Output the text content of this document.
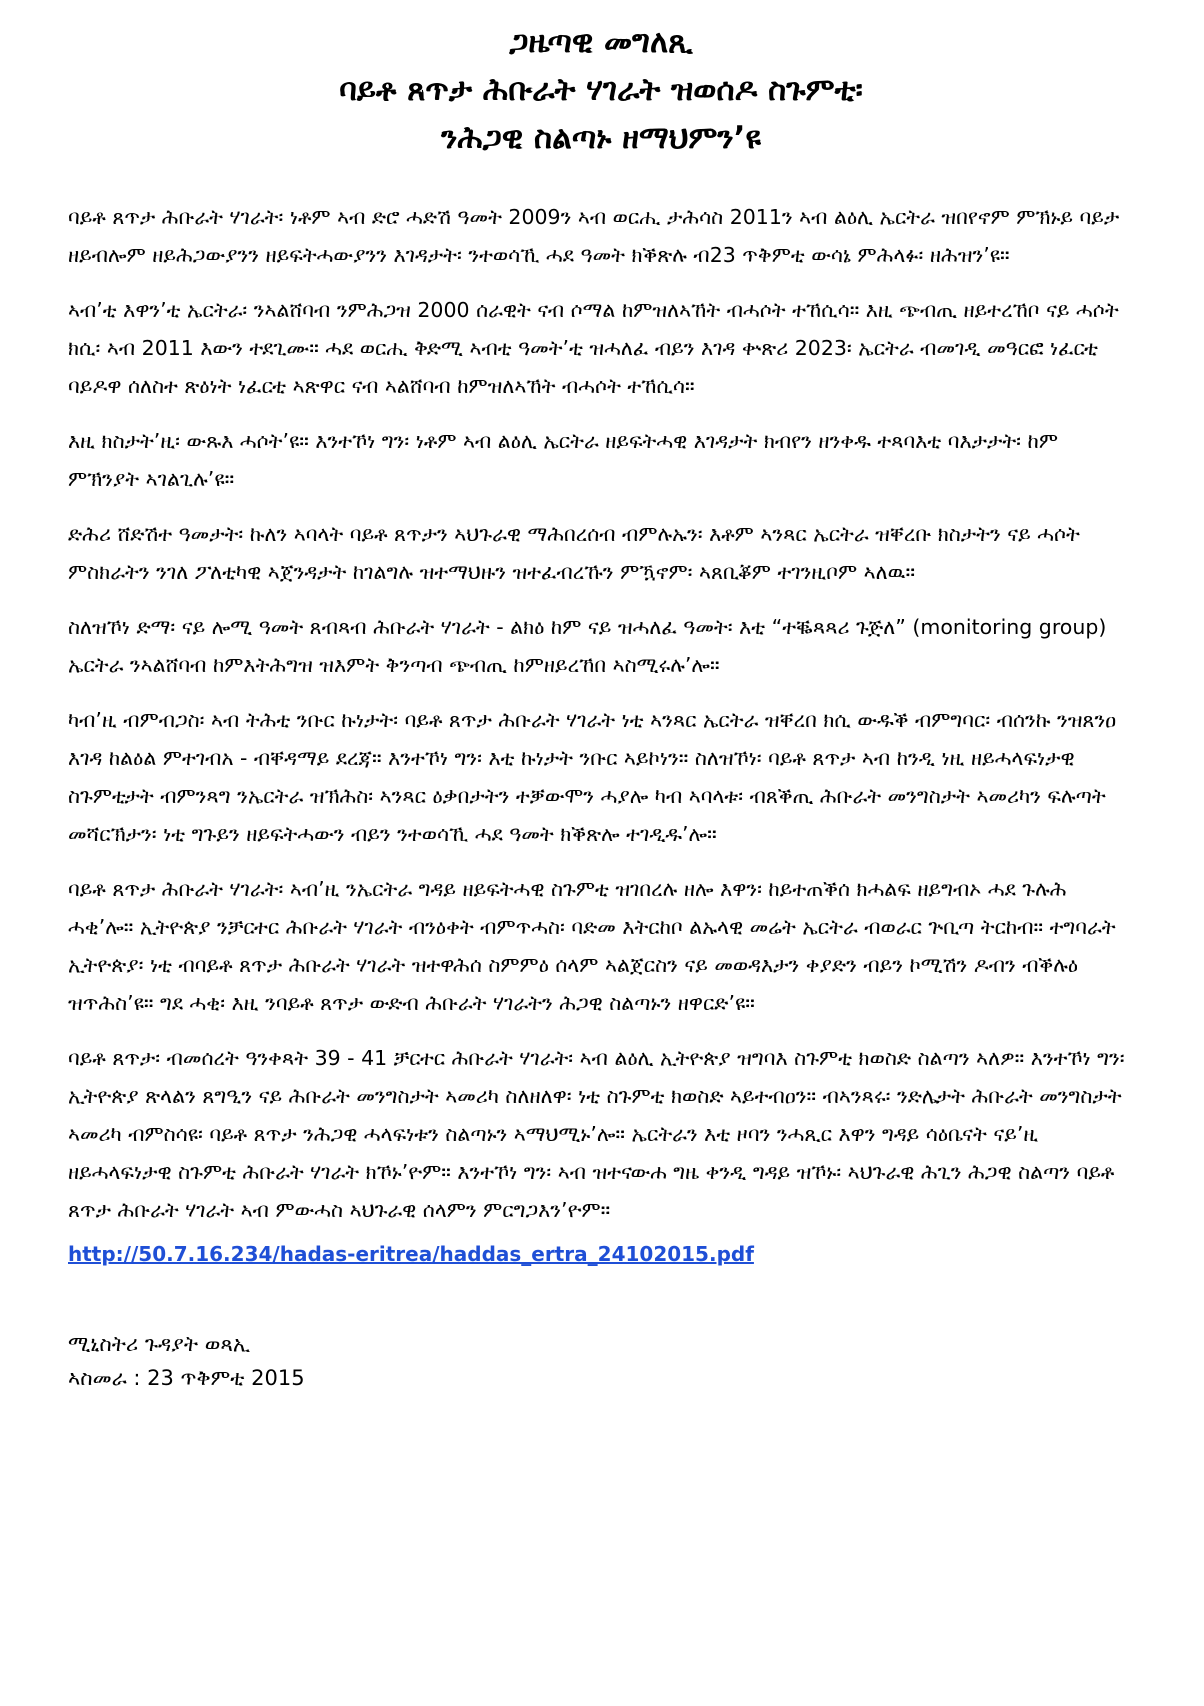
ጋዜጣዊ መግለጺ

ባይቶ ጸጥታ ሕቡራት ሃገራት ዝወሰዶ ስጉምቲ፡

ንሕጋዊ ስልጣኑ ዘማህምን’ዩ

ባይቶ ጸጥታ ሕቡራት ሃገራት፡ ነቶም ኣብ ድሮ ሓድሽ ዓመት 2009ን ኣብ ወርሒ ታሕሳስ 2011ን ኣብ ልዕሊ ኤርትራ ዝበየኖም ምኽኑይ ባይታ ዘይብሎም ዘይሕጋውያንን ዘይፍትሓውያንን እገዳታት፡ ንተወሳኺ ሓደ ዓመት ክቕጽሉ ብ23 ጥቅምቲ ውሳኔ ምሕላፉ፡ ዘሕዝን’ዩ።

ኣብ’ቲ እዋን’ቲ ኤርትራ፡ ንኣልሸባብ ንምሕጋዝ 2000 ሰራዊት ናብ ሶማል ከምዝለኣኸት ብሓሶት ተኸሲሳ። እዚ ጭብጢ ዘይተረኸቦ ናይ ሓሶት ክሲ፡ ኣብ 2011 እውን ተደጊሙ። ሓደ ወርሒ ቅድሚ ኣብቲ ዓመት’ቲ ዝሓለፈ ብይን እገዳ ቍጽሪ 2023፡ ኤርትራ ብመገዲ መዓርፎ ነፈርቲ ባይዶዋ ሰለስተ ጽዕነት ነፈርቲ ኣጽዋር ናብ ኣልሸባብ ከምዝለኣኸት ብሓሶት ተኸሲሳ።

እዚ ክስታት’ዚ፡ ውጹእ ሓሶት’ዩ። እንተኾነ ግን፡ ነቶም ኣብ ልዕሊ ኤርትራ ዘይፍትሓዊ እገዳታት ክብየን ዘንቀዱ ተጻባእቲ ባእታታት፡ ከም ምኽንያት ኣገልጊሉ’ዩ።

ድሕሪ ሸድሽተ ዓመታት፡ ኩለን ኣባላት ባይቶ ጸጥታን ኣህጉራዊ ማሕበረሰብ ብምሉኡን፡ እቶም ኣንጻር ኤርትራ ዝቐረቡ ክስታትን ናይ ሓሶት ምስክራትን ንገለ ፖለቲካዊ ኣጀንዳታት ከገልግሉ ዝተማህዙን ዝተፈብረኹን ምዃኖም፡ ኣጸቢቖም ተገንዚቦም ኣለዉ።

ስለዝኾነ ድማ፡ ናይ ሎሚ ዓመት ጸብጻብ ሕቡራት ሃገራት - ልክዕ ከም ናይ ዝሓለፈ ዓመት፡ እቲ “ተቘጻጻሪ ጉጅለ” (monitoring group) ኤርትራ ንኣልሸባብ ከምእትሕግዝ ዝእምት ቅንጣብ ጭብጢ ከምዘይረኸበ ኣስሚሩሉ’ሎ።

ካብ’ዚ ብምብጋስ፡ ኣብ ትሕቲ ንቡር ኩነታት፡ ባይቶ ጸጥታ ሕቡራት ሃገራት ነቲ ኣንጻር ኤርትራ ዝቐረበ ክሲ ውዱቕ ብምግባር፡ ብሰንኩ ንዝጸንዐ እገዳ ከልዕል ምተገብአ - ብቐዳማይ ደረጃ። እንተኾነ ግን፡ እቲ ኩነታት ንቡር ኣይኮነን። ስለዝኾነ፡ ባይቶ ጸጥታ ኣብ ከንዲ ነዚ ዘይሓላፍነታዊ ስጉምቲታት ብምንጻግ ንኤርትራ ዝኽሕስ፡ ኣንጻር ዕቃበታትን ተቓውሞን ሓያሎ ካብ ኣባላቱ፡ ብጸቕጢ ሕቡራት መንግስታት ኣመሪካን ፍሉጣት መሻርኽታን፡ ነቲ ግጉይን ዘይፍትሓውን ብይን ንተወሳኺ ሓደ ዓመት ክቕጽሎ ተገዲዱ’ሎ።

ባይቶ ጸጥታ ሕቡራት ሃገራት፡ ኣብ’ዚ ንኤርትራ ግዳይ ዘይፍትሓዊ ስጉምቲ ዝገበረሉ ዘሎ እዋን፡ ከይተጠቕሰ ክሓልፍ ዘይግብኦ ሓደ ጉሉሕ ሓቂ’ሎ። ኢትዮጵያ ንቻርተር ሕቡራት ሃገራት ብንዕቀት ብምጥሓስ፡ ባድመ እትርከቦ ልኡላዊ መሬት ኤርትራ ብወራር ጕቢጣ ትርከብ። ተግባራት ኢትዮጵያ፡ ነቲ ብባይቶ ጸጥታ ሕቡራት ሃገራት ዝተዋሕሰ ስምምዕ ሰላም ኣልጀርስን ናይ መወዳእታን ቀያድን ብይን ኮሚሽን ዶብን ብቕሉዕ ዝጥሕስ’ዩ። ግደ ሓቂ፡ እዚ ንባይቶ ጸጥታ ውድብ ሕቡራት ሃገራትን ሕጋዊ ስልጣኑን ዘዋርድ’ዩ።

ባይቶ ጸጥታ፡ ብመሰረት ዓንቀጻት 39 - 41 ቻርተር ሕቡራት ሃገራት፡ ኣብ ልዕሊ ኢትዮጵያ ዝግባእ ስጉምቲ ክወስድ ስልጣን ኣለዎ። እንተኾነ ግን፡ ኢትዮጵያ ጽላልን ጸግዒን ናይ ሕቡራት መንግስታት ኣመሪካ ስለዘለዋ፡ ነቲ ስጉምቲ ክወስድ ኣይተብዐን። ብኣንጻሩ፡ ንድሌታት ሕቡራት መንግስታት ኣመሪካ ብምስሳዩ፡ ባይቶ ጸጥታ ንሕጋዊ ሓላፍነቱን ስልጣኑን ኣማህሚኑ’ሎ። ኤርትራን እቲ ዞባን ንሓጺር እዋን ግዳይ ሳዕቤናት ናይ’ዚ ዘይሓላፍነታዊ ስጉምቲ ሕቡራት ሃገራት ክኾኑ’ዮም። እንተኾነ ግን፡ ኣብ ዝተናውሐ ግዜ ቀንዲ ግዳይ ዝኾኑ፡ ኣህጉራዊ ሕጊን ሕጋዊ ስልጣን ባይቶ ጸጥታ ሕቡራት ሃገራት ኣብ ምውሓስ ኣህጉራዊ ሰላምን ምርግጋእን’ዮም።

http://50.7.16.234/hadas-eritrea/haddas_ertra_24102015.pdf

ሚኒስትሪ ጉዳያት ወጻኢ

ኣስመራ : 23 ጥቅምቲ 2015
